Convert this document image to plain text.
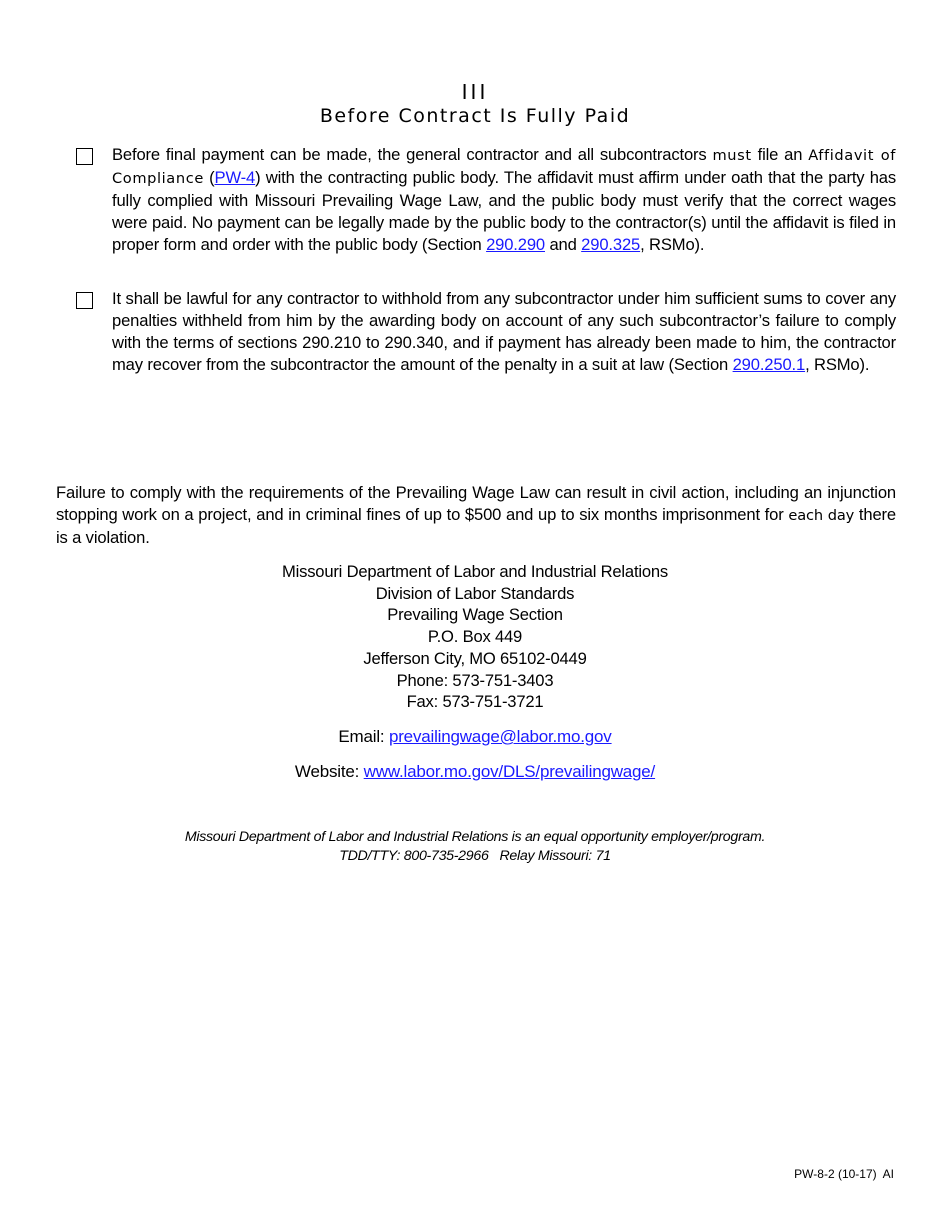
III
Before Contract Is Fully Paid
Before final payment can be made, the general contractor and all subcontractors must file an Affidavit of Compliance (PW-4) with the contracting public body. The affidavit must affirm under oath that the party has fully complied with Missouri Prevailing Wage Law, and the public body must verify that the correct wages were paid. No payment can be legally made by the public body to the contractor(s) until the affidavit is filed in proper form and order with the public body (Section 290.290 and 290.325, RSMo).
It shall be lawful for any contractor to withhold from any subcontractor under him sufficient sums to cover any penalties withheld from him by the awarding body on account of any such subcontractor’s failure to comply with the terms of sections 290.210 to 290.340, and if payment has already been made to him, the contractor may recover from the subcontractor the amount of the penalty in a suit at law (Section 290.250.1, RSMo).
Failure to comply with the requirements of the Prevailing Wage Law can result in civil action, including an injunction stopping work on a project, and in criminal fines of up to $500 and up to six months imprisonment for each day there is a violation.
Missouri Department of Labor and Industrial Relations
Division of Labor Standards
Prevailing Wage Section
P.O. Box 449
Jefferson City, MO 65102-0449
Phone: 573-751-3403
Fax: 573-751-3721
Email: prevailingwage@labor.mo.gov
Website: www.labor.mo.gov/DLS/prevailingwage/
Missouri Department of Labor and Industrial Relations is an equal opportunity employer/program.
TDD/TTY: 800-735-2966   Relay Missouri: 71
PW-8-2 (10-17)  AI
